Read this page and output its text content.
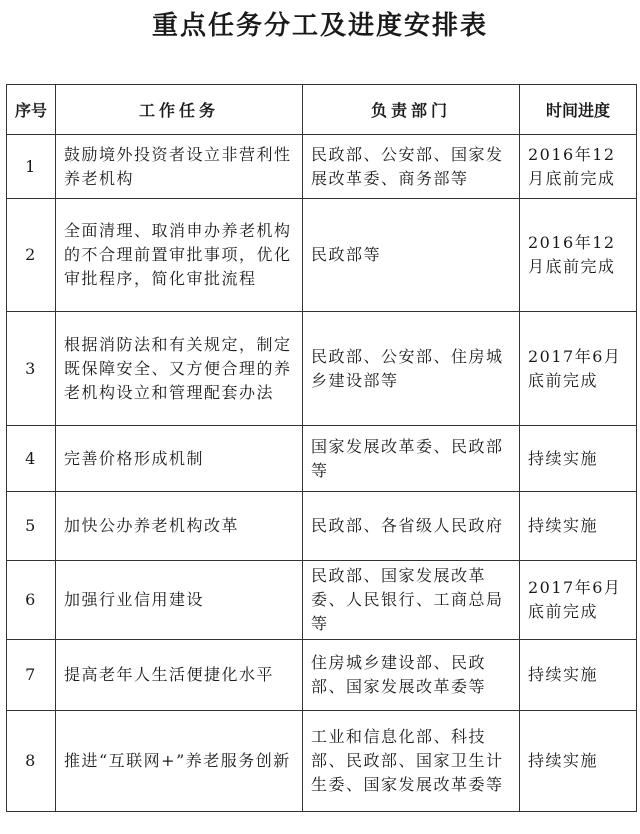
重点任务分工及进度安排表
序号	工作任务	负责部门	时间进度
1	鼓励境外投资者设立非营利性养老机构	民政部、公安部、国家发展改革委、商务部等	2016年12月底前完成
2	全面清理、取消申办养老机构的不合理前置审批事项，优化审批程序，简化审批流程	民政部等	2016年12月底前完成
3	根据消防法和有关规定，制定既保障安全、又方便合理的养老机构设立和管理配套办法	民政部、公安部、住房城乡建设部等	2017年6月底前完成
4	完善价格形成机制	国家发展改革委、民政部等	持续实施
5	加快公办养老机构改革	民政部、各省级人民政府	持续实施
6	加强行业信用建设	民政部、国家发展改革委、人民银行、工商总局等	2017年6月底前完成
7	提高老年人生活便捷化水平	住房城乡建设部、民政部、国家发展改革委等	持续实施
8	推进“互联网+”养老服务创新	工业和信息化部、科技部、民政部、国家卫生计生委、国家发展改革委等	持续实施
